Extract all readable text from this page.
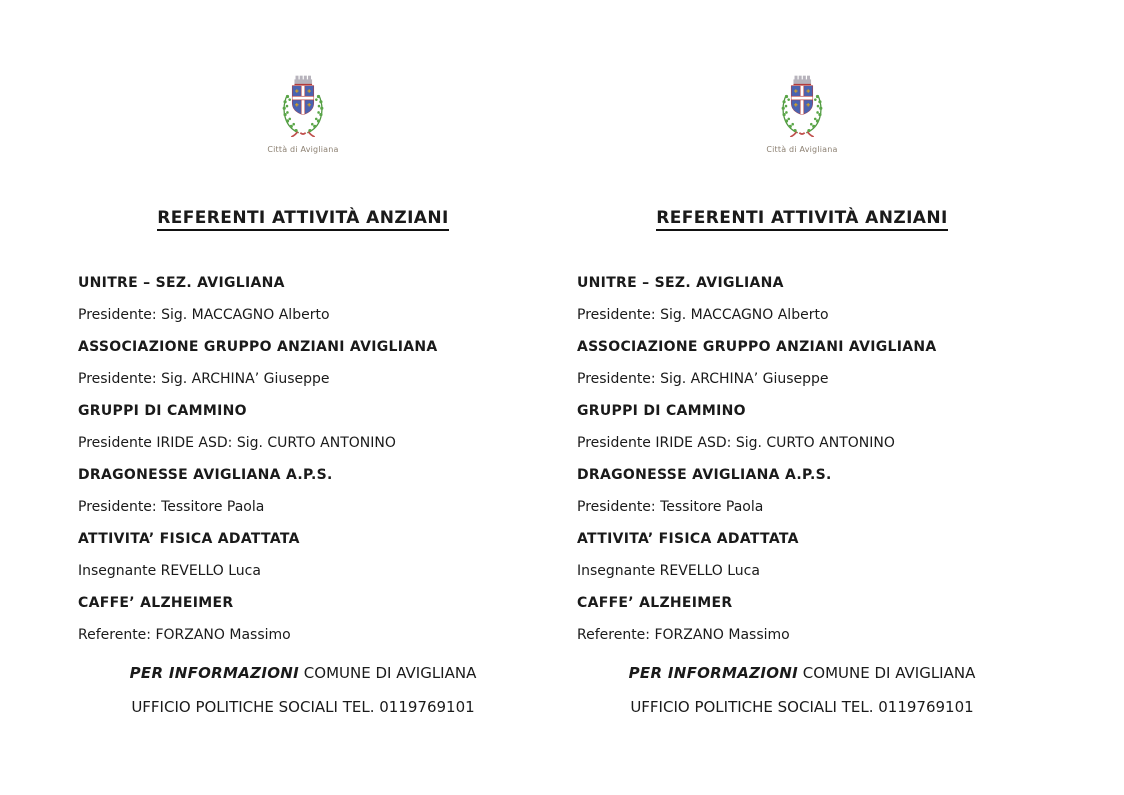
Città di Avigliana
REFERENTI ATTIVITÀ ANZIANI

UNITRE – SEZ. AVIGLIANA

Presidente: Sig. MACCAGNO Alberto

ASSOCIAZIONE GRUPPO ANZIANI AVIGLIANA

Presidente: Sig. ARCHINA’ Giuseppe

GRUPPI DI CAMMINO

Presidente IRIDE ASD: Sig. CURTO ANTONINO

DRAGONESSE AVIGLIANA A.P.S.

Presidente: Tessitore Paola

ATTIVITA’ FISICA ADATTATA

Insegnante REVELLO Luca

CAFFE’ ALZHEIMER

Referente: FORZANO Massimo

PER INFORMAZIONI COMUNE DI AVIGLIANA

UFFICIO POLITICHE SOCIALI TEL. 0119769101

Città di Avigliana
REFERENTI ATTIVITÀ ANZIANI

UNITRE – SEZ. AVIGLIANA

Presidente: Sig. MACCAGNO Alberto

ASSOCIAZIONE GRUPPO ANZIANI AVIGLIANA

Presidente: Sig. ARCHINA’ Giuseppe

GRUPPI DI CAMMINO

Presidente IRIDE ASD: Sig. CURTO ANTONINO

DRAGONESSE AVIGLIANA A.P.S.

Presidente: Tessitore Paola

ATTIVITA’ FISICA ADATTATA

Insegnante REVELLO Luca

CAFFE’ ALZHEIMER

Referente: FORZANO Massimo

PER INFORMAZIONI COMUNE DI AVIGLIANA

UFFICIO POLITICHE SOCIALI TEL. 0119769101
